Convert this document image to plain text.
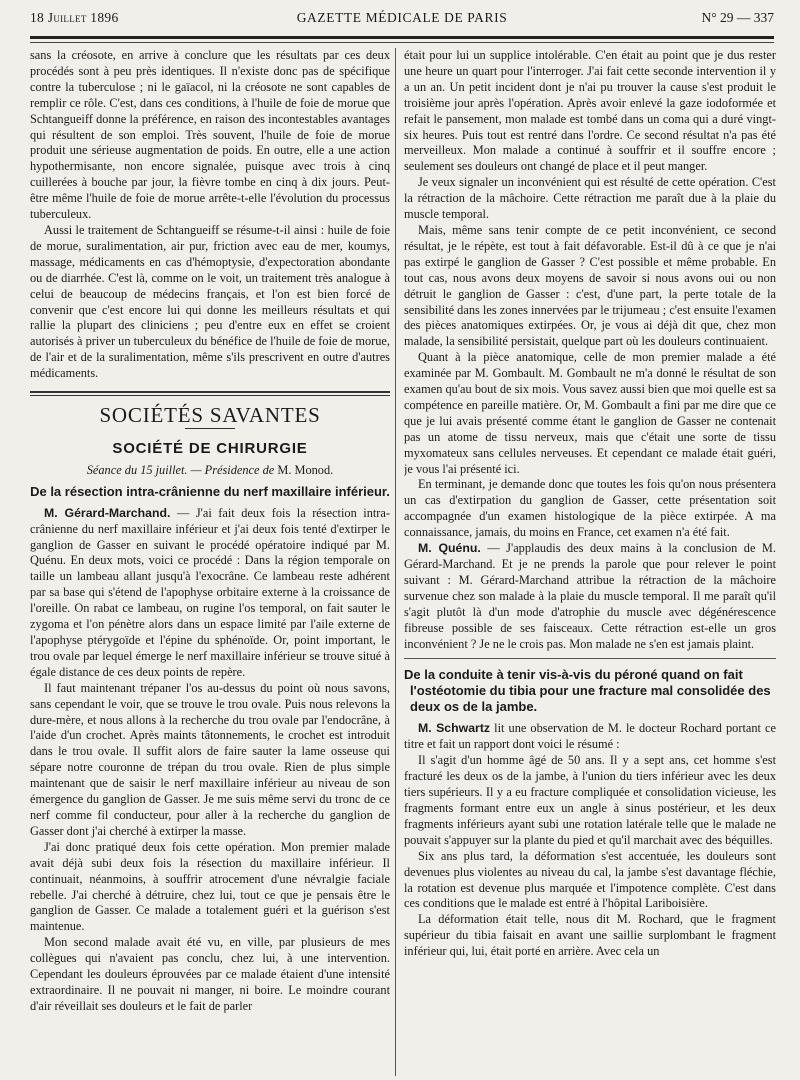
18 Juillet 1896	GAZETTE MÉDICALE DE PARIS	N° 29 — 337

sans la créosote, en arrive à conclure que les résultats par ces deux procédés sont à peu près identiques. Il n'existe donc pas de spécifique contre la tuberculose ; ni le gaïacol, ni la créosote ne sont capables de remplir ce rôle. C'est, dans ces conditions, à l'huile de foie de morue que Schtangueiff donne la préférence, en raison des incontestables avantages qui résultent de son emploi. Très souvent, l'huile de foie de morue produit une sérieuse augmentation de poids. En outre, elle a une action hypothermisante, non encore signalée, puisque avec trois à cinq cuillerées à bouche par jour, la fièvre tombe en cinq à dix jours. Peut-être même l'huile de foie de morue arrête-t-elle l'évolution du processus tuberculeux.

Aussi le traitement de Schtangueiff se résume-t-il ainsi : huile de foie de morue, suralimentation, air pur, friction avec eau de mer, koumys, massage, médicaments en cas d'hémoptysie, d'expectoration abondante ou de diarrhée. C'est là, comme on le voit, un traitement très analogue à celui de beaucoup de médecins français, et l'on est bien forcé de convenir que c'est encore lui qui donne les meilleurs résultats et qui rallie la plupart des cliniciens ; peu d'entre eux en effet se croient autorisés à priver un tuberculeux du bénéfice de l'huile de foie de morue, de l'air et de la suralimentation, même s'ils prescrivent en outre d'autres médicaments.

SOCIÉTÉS SAVANTES
SOCIÉTÉ DE CHIRURGIE
Séance du 15 juillet. — Présidence de M. Monod.
De la résection intra-crânienne du nerf maxillaire inférieur.

M. Gérard-Marchand. — J'ai fait deux fois la résection intra-crânienne du nerf maxillaire inférieur et j'ai deux fois tenté d'extirper le ganglion de Gasser en suivant le procédé opératoire indiqué par M. Quénu. En deux mots, voici ce procédé : Dans la région temporale on taille un lambeau allant jusqu'à l'exocrâne. Ce lambeau reste adhérent par sa base qui s'étend de l'apophyse orbitaire externe à la croissance de l'oreille. On rabat ce lambeau, on rugine l'os temporal, on fait sauter le zygoma et l'on pénètre alors dans un espace limité par l'aile externe de l'apophyse ptérygoïde et l'épine du sphénoïde. Or, point important, le trou ovale par lequel émerge le nerf maxillaire inférieur se trouve situé à égale distance de ces deux points de repère.

Il faut maintenant trépaner l'os au-dessus du point où nous savons, sans cependant le voir, que se trouve le trou ovale. Puis nous relevons la dure-mère, et nous allons à la recherche du trou ovale par l'endocrâne, à l'aide d'un crochet. Après maints tâtonnements, le crochet est introduit dans le trou ovale. Il suffit alors de faire sauter la lame osseuse qui sépare notre couronne de trépan du trou ovale. Rien de plus simple maintenant que de saisir le nerf maxillaire inférieur au niveau de son émergence du ganglion de Gasser. Je me suis même servi du tronc de ce nerf comme fil conducteur, pour aller à la recherche du ganglion de Gasser dont j'ai cherché à extirper la masse.

J'ai donc pratiqué deux fois cette opération. Mon premier malade avait déjà subi deux fois la résection du maxillaire inférieur. Il continuait, néanmoins, à souffrir atrocement d'une névralgie faciale rebelle. J'ai cherché à détruire, chez lui, tout ce que je pensais être le ganglion de Gasser. Ce malade a totalement guéri et la guérison s'est maintenue.

Mon second malade avait été vu, en ville, par plusieurs de mes collègues qui n'avaient pas conclu, chez lui, à une intervention. Cependant les douleurs éprouvées par ce malade étaient d'une intensité extraordinaire. Il ne pouvait ni manger, ni boire. Le moindre courant d'air réveillait ses douleurs et le fait de parler

était pour lui un supplice intolérable. C'en était au point que je dus rester une heure un quart pour l'interroger. J'ai fait cette seconde intervention il y a un an. Un petit incident dont je n'ai pu trouver la cause s'est produit le troisième jour après l'opération. Après avoir enlevé la gaze iodoformée et refait le pansement, mon malade est tombé dans un coma qui a duré vingt-six heures. Puis tout est rentré dans l'ordre. Ce second résultat n'a pas été merveilleux. Mon malade a continué à souffrir et il souffre encore ; seulement ses douleurs ont changé de place et il peut manger.

Je veux signaler un inconvénient qui est résulté de cette opération. C'est la rétraction de la mâchoire. Cette rétraction me paraît due à la plaie du muscle temporal.

Mais, même sans tenir compte de ce petit inconvénient, ce second résultat, je le répète, est tout à fait défavorable. Est-il dû à ce que je n'ai pas extirpé le ganglion de Gasser ? C'est possible et même probable. En tout cas, nous avons deux moyens de savoir si nous avons oui ou non détruit le ganglion de Gasser : c'est, d'une part, la perte totale de la sensibilité dans les zones innervées par le trijumeau ; c'est ensuite l'examen des pièces anatomiques extirpées. Or, je vous ai déjà dit que, chez mon malade, la sensibilité persistait, quelque part où les douleurs continuaient.

Quant à la pièce anatomique, celle de mon premier malade a été examinée par M. Gombault. M. Gombault ne m'a donné le résultat de son examen qu'au bout de six mois. Vous savez aussi bien que moi quelle est sa compétence en pareille matière. Or, M. Gombault a fini par me dire que ce que je lui avais présenté comme étant le ganglion de Gasser ne contenait pas un atome de tissu nerveux, mais que c'était une sorte de tissu myxomateux sans cellules nerveuses. Et cependant ce malade était guéri, je vous l'ai présenté ici.

En terminant, je demande donc que toutes les fois qu'on nous présentera un cas d'extirpation du ganglion de Gasser, cette présentation soit accompagnée d'un examen histologique de la pièce extirpée. A ma connaissance, jamais, du moins en France, cet examen n'a été fait.

M. Quénu. — J'applaudis des deux mains à la conclusion de M. Gérard-Marchand. Et je ne prends la parole que pour relever le point suivant : M. Gérard-Marchand attribue la rétraction de la mâchoire survenue chez son malade à la plaie du muscle temporal. Il me paraît qu'il s'agit plutôt là d'un mode d'atrophie du muscle avec dégénérescence fibreuse possible de ses faisceaux. Cette rétraction est-elle un gros inconvénient ? Je ne le crois pas. Mon malade ne s'en est jamais plaint.

De la conduite à tenir vis-à-vis du péroné quand on fait l'ostéotomie du tibia pour une fracture mal consolidée des deux os de la jambe.

M. Schwartz lit une observation de M. le docteur Rochard portant ce titre et fait un rapport dont voici le résumé :

Il s'agit d'un homme âgé de 50 ans. Il y a sept ans, cet homme s'est fracturé les deux os de la jambe, à l'union du tiers inférieur avec les deux tiers supérieurs. Il y a eu fracture compliquée et consolidation vicieuse, les fragments formant entre eux un angle à sinus postérieur, et les deux fragments inférieurs ayant subi une rotation latérale telle que le malade ne pouvait s'appuyer sur la plante du pied et qu'il marchait avec des béquilles.

Six ans plus tard, la déformation s'est accentuée, les douleurs sont devenues plus violentes au niveau du cal, la jambe s'est davantage fléchie, la rotation est devenue plus marquée et l'impotence complète. C'est dans ces conditions que le malade est entré à l'hôpital Lariboisière.

La déformation était telle, nous dit M. Rochard, que le fragment supérieur du tibia faisait en avant une saillie surplombant le fragment inférieur qui, lui, était porté en arrière. Avec cela un
